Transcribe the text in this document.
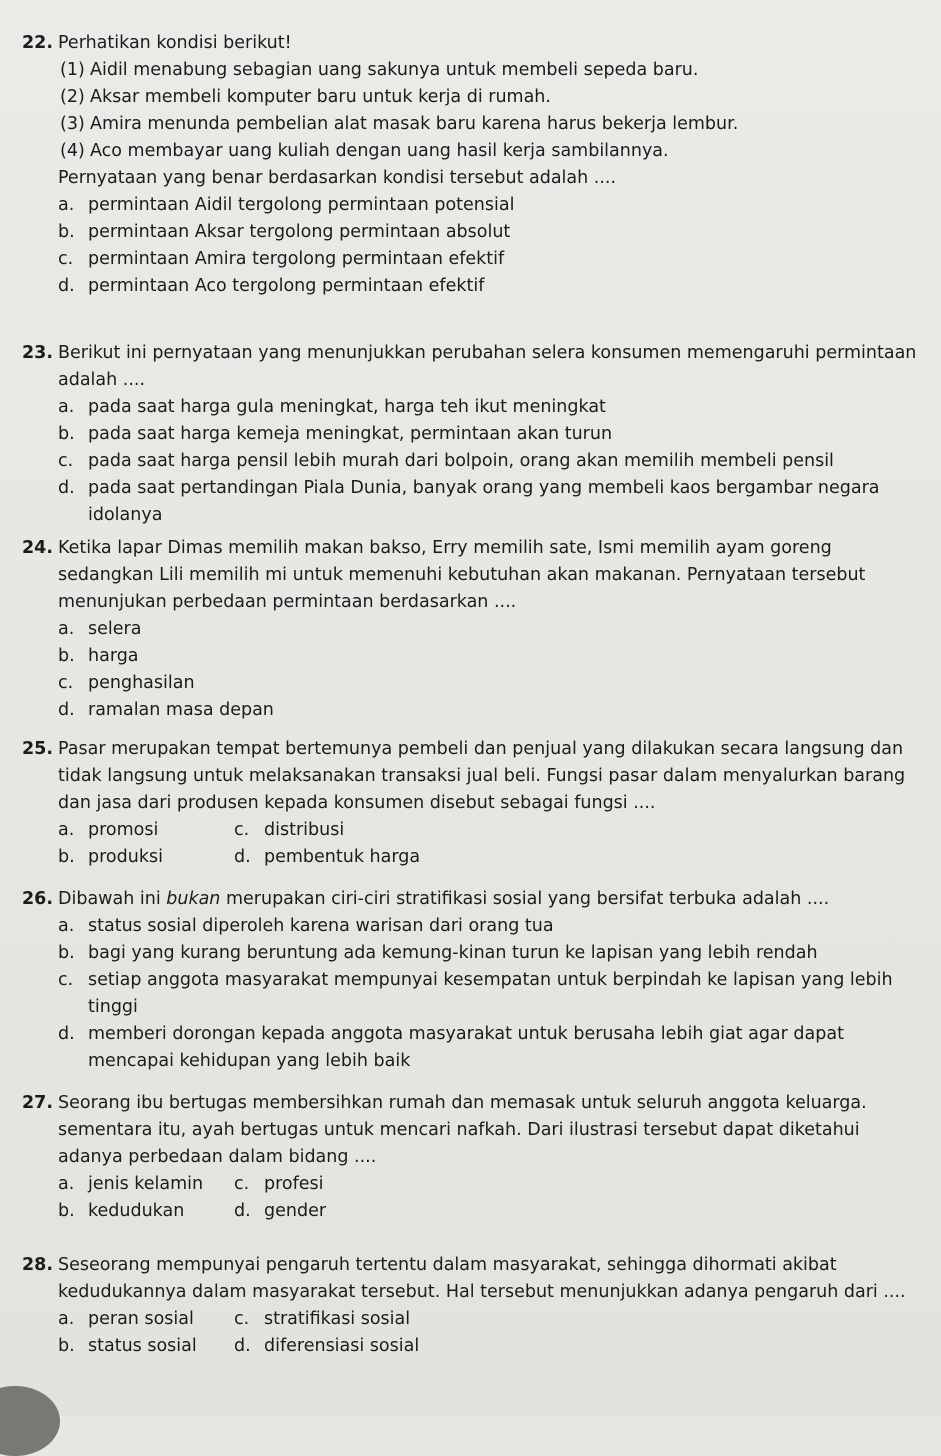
22. Perhatikan kondisi berikut!
(1) Aidil menabung sebagian uang sakunya untuk membeli sepeda baru.
(2) Aksar membeli komputer baru untuk kerja di rumah.
(3) Amira menunda pembelian alat masak baru karena harus bekerja lembur.
(4) Aco membayar uang kuliah dengan uang hasil kerja sambilannya.
Pernyataan yang benar berdasarkan kondisi tersebut adalah ....
a. permintaan Aidil tergolong permintaan potensial
b. permintaan Aksar tergolong permintaan absolut
c. permintaan Amira tergolong permintaan efektif
d. permintaan Aco tergolong permintaan efektif
23. Berikut ini pernyataan yang menunjukkan perubahan selera konsumen memengaruhi permintaan adalah ....
a. pada saat harga gula meningkat, harga teh ikut meningkat
b. pada saat harga kemeja meningkat, permintaan akan turun
c. pada saat harga pensil lebih murah dari bolpoin, orang akan memilih membeli pensil
d. pada saat pertandingan Piala Dunia, banyak orang yang membeli kaos bergambar negara idolanya
24. Ketika lapar Dimas memilih makan bakso, Erry memilih sate, Ismi memilih ayam goreng sedangkan Lili memilih mi untuk memenuhi kebutuhan akan makanan. Pernyataan tersebut menunjukan perbedaan permintaan berdasarkan ....
a. selera
b. harga
c. penghasilan
d. ramalan masa depan
25. Pasar merupakan tempat bertemunya pembeli dan penjual yang dilakukan secara langsung dan tidak langsung untuk melaksanakan transaksi jual beli. Fungsi pasar dalam menyalurkan barang dan jasa dari produsen kepada konsumen disebut sebagai fungsi ....
a. promosi	c. distribusi
b. produksi	d. pembentuk harga
26. Dibawah ini bukan merupakan ciri-ciri stratifikasi sosial yang bersifat terbuka adalah ....
a. status sosial diperoleh karena warisan dari orang tua
b. bagi yang kurang beruntung ada kemung-kinan turun ke lapisan yang lebih rendah
c. setiap anggota masyarakat mempunyai kesempatan untuk berpindah ke lapisan yang lebih tinggi
d. memberi dorongan kepada anggota masyarakat untuk berusaha lebih giat agar dapat mencapai kehidupan yang lebih baik
27. Seorang ibu bertugas membersihkan rumah dan memasak untuk seluruh anggota keluarga. sementara itu, ayah bertugas untuk mencari nafkah. Dari ilustrasi tersebut dapat diketahui adanya perbedaan dalam bidang ....
a. jenis kelamin c. profesi
b. kedudukan	d. gender
28. Seseorang mempunyai pengaruh tertentu dalam masyarakat, sehingga dihormati akibat kedudukannya dalam masyarakat tersebut. Hal tersebut menunjukkan adanya pengaruh dari ....
a. peran sosial c. stratifikasi sosial
b. status sosial d. diferensiasi sosial
